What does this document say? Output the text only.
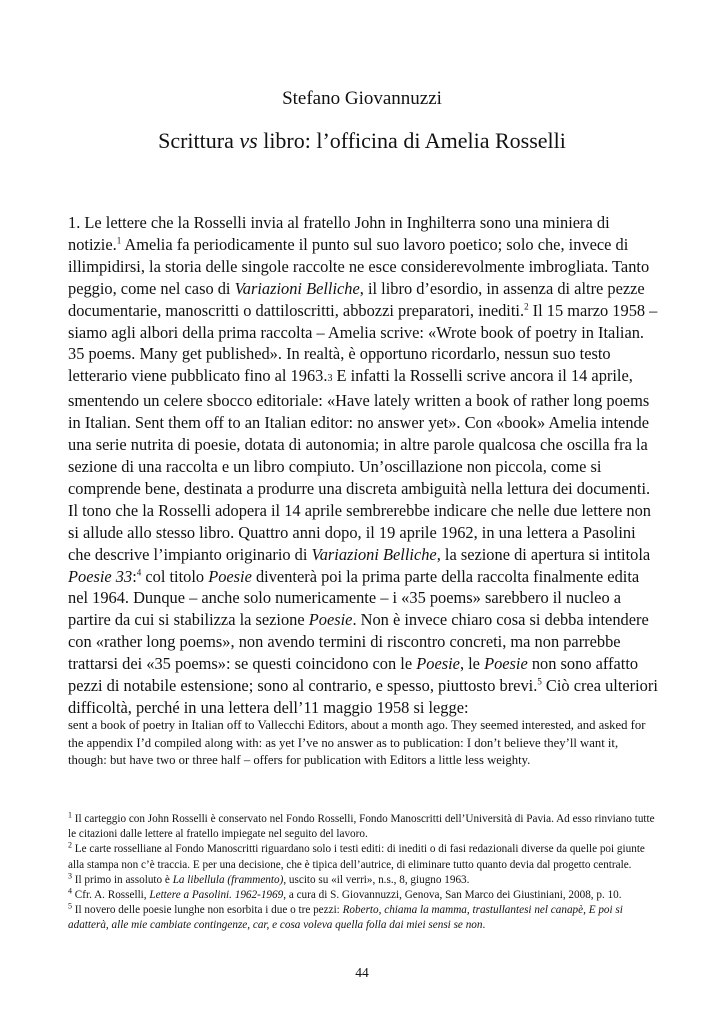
Stefano Giovannuzzi
Scrittura vs libro: l’officina di Amelia Rosselli

1. Le lettere che la Rosselli invia al fratello John in Inghilterra sono una miniera di notizie.$^1$ Amelia fa periodicamente il punto sul suo lavoro poetico; solo che, invece di illimpidirsi, la storia delle singole raccolte ne esce considerevolmente imbrogliata. Tanto peggio, come nel caso di Variazioni Belliche, il libro d’esordio, in assenza di altre pezze documentarie, manoscritti o dattiloscritti, abbozzi preparatori, inediti.$^2$ Il 15 marzo 1958 – siamo agli albori della prima raccolta – Amelia scrive: «Wrote book of poetry in Italian. 35 poems. Many get published». In realtà, è opportuno ricordarlo, nessun suo testo letterario viene pubblicato fino al 1963.3 E infatti la Rosselli scrive ancora il 14 aprile, smentendo un celere sbocco editoriale: «Have lately written a book of rather long poems in Italian. Sent them off to an Italian editor: no answer yet». Con «book» Amelia intende una serie nutrita di poesie, dotata di autonomia; in altre parole qualcosa che oscilla fra la sezione di una raccolta e un libro compiuto. Un’oscillazione non piccola, come si comprende bene, destinata a produrre una discreta ambiguità nella lettura dei documenti. Il tono che la Rosselli adopera il 14 aprile sembrerebbe indicare che nelle due lettere non si allude allo stesso libro. Quattro anni dopo, il 19 aprile 1962, in una lettera a Pasolini che descrive l’impianto originario di Variazioni Belliche, la sezione di apertura si intitola Poesie 33:$^4$ col titolo Poesie diventerà poi la prima parte della raccolta finalmente edita nel 1964. Dunque – anche solo numericamente – i «35 poems» sarebbero il nucleo a partire da cui si stabilizza la sezione Poesie. Non è invece chiaro cosa si debba intendere con «rather long poems», non avendo termini di riscontro concreti, ma non parrebbe trattarsi dei «35 poems»: se questi coincidono con le Poesie, le Poesie non sono affatto pezzi di notabile estensione; sono al contrario, e spesso, piuttosto brevi.$^5$ Ciò crea ulteriori difficoltà, perché in una lettera dell’11 maggio 1958 si legge:

sent a book of poetry in Italian off to Vallecchi Editors, about a month ago. They seemed interested, and asked for the appendix I’d compiled along with: as yet I’ve no answer as to publication: I don’t believe they’ll want it, though: but have two or three half – offers for publication with Editors a little less weighty.

$^1$ Il carteggio con John Rosselli è conservato nel Fondo Rosselli, Fondo Manoscritti dell’Università di Pavia. Ad esso rinviano tutte le citazioni dalle lettere al fratello impiegate nel seguito del lavoro.

$^2$ Le carte rosselliane al Fondo Manoscritti riguardano solo i testi editi: di inediti o di fasi redazionali diverse da quelle poi giunte alla stampa non c’è traccia. E per una decisione, che è tipica dell’autrice, di eliminare tutto quanto devia dal progetto centrale.

$^3$ Il primo in assoluto è La libellula (frammento), uscito su «il verri», n.s., 8, giugno 1963.

$^4$ Cfr. A. Rosselli, Lettere a Pasolini. 1962-1969, a cura di S. Giovannuzzi, Genova, San Marco dei Giustiniani, 2008, p. 10.

$^5$ Il novero delle poesie lunghe non esorbita i due o tre pezzi: Roberto, chiama la mamma, trastullantesi nel canapè, E poi si adatterà, alle mie cambiate contingenze, car, e cosa voleva quella folla dai miei sensi se non.

44
